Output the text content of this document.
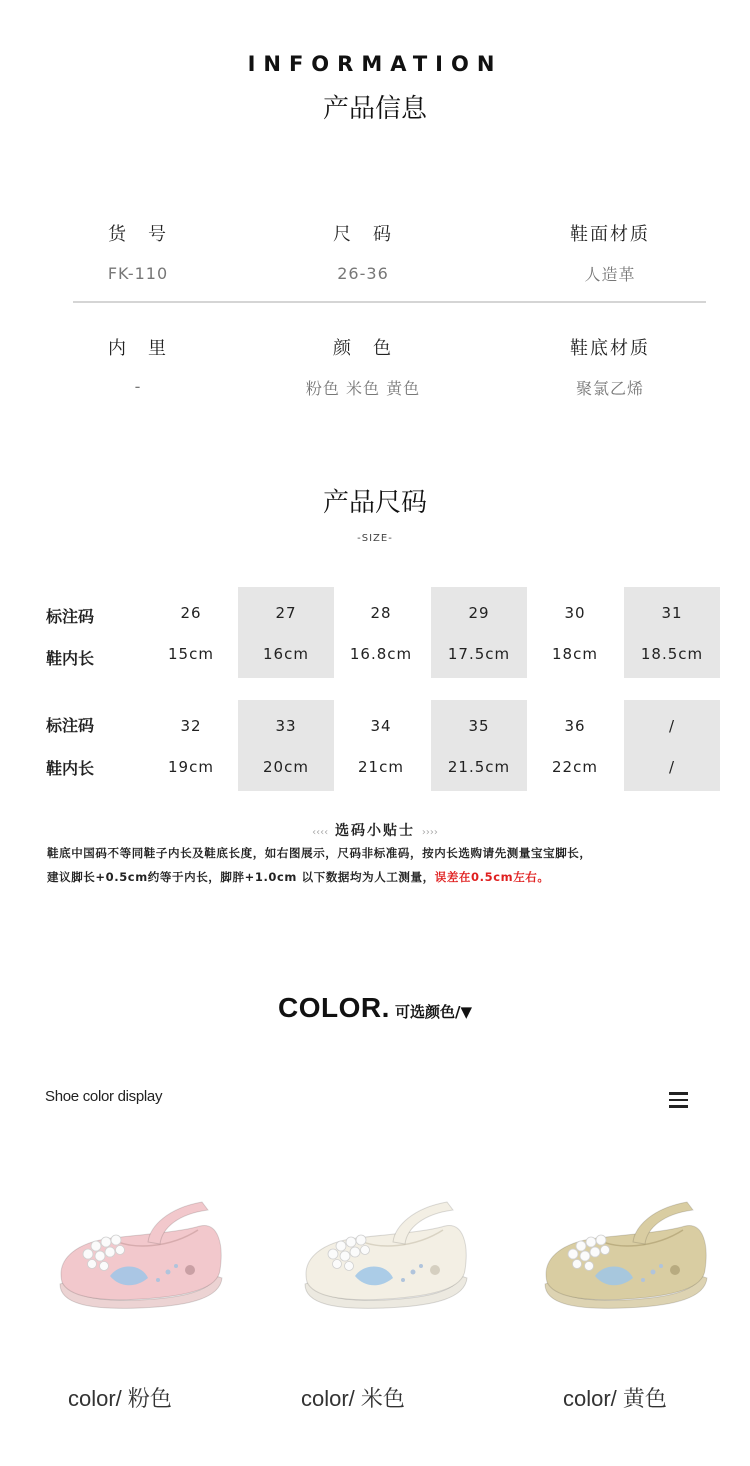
INFORMATION
产品信息
货　号
FK-110
尺　码
26-36
鞋面材质
人造革
内　里
-
颜　色
粉色 米色 黄色
鞋底材质
聚氯乙烯
产品尺码
-SIZE-
标注码
鞋内长
26
15cm
27
16cm
28
16.8cm
29
17.5cm
30
18cm
31
18.5cm
标注码
鞋内长
32
19cm
33
20cm
34
21cm
35
21.5cm
36
22cm
/
/
‹‹‹‹ 选码小贴士 ››››
鞋底中国码不等同鞋子内长及鞋底长度，如右图展示，尺码非标准码，按内长选购请先测量宝宝脚长，
建议脚长+0.5cm约等于内长，脚胖+1.0cm 以下数据均为人工测量，误差在0.5cm左右。
COLOR. 可选颜色/▼
Shoe color display
color/ 粉色	color/ 米色	color/ 黄色
